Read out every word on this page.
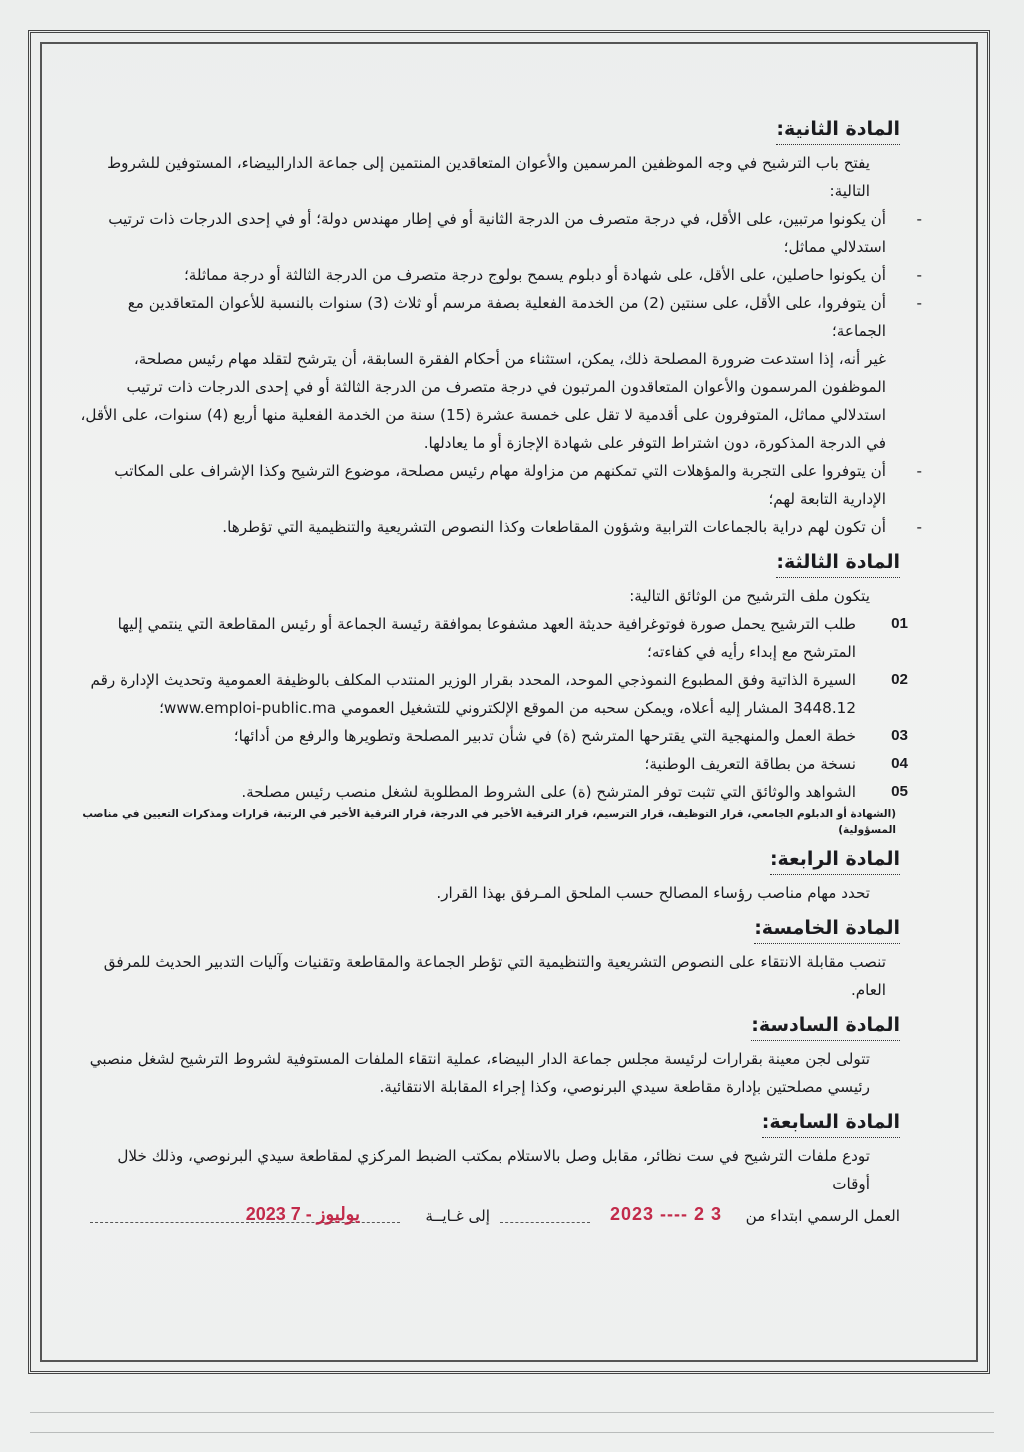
المادة الثانية:
يفتح باب الترشيح في وجه الموظفين المرسمين والأعوان المتعاقدين المنتمين إلى جماعة الدارالبيضاء، المستوفين للشروط التالية:
- أن يكونوا مرتبين، على الأقل، في درجة متصرف من الدرجة الثانية أو في إطار مهندس دولة؛ أو في إحدى الدرجات ذات ترتيب استدلالي مماثل؛
- أن يكونوا حاصلين، على الأقل، على شهادة أو دبلوم يسمح بولوج درجة متصرف من الدرجة الثالثة أو درجة مماثلة؛
- أن يتوفروا، على الأقل، على سنتين (2) من الخدمة الفعلية بصفة مرسم أو ثلاث (3) سنوات بالنسبة للأعوان المتعاقدين مع الجماعة؛
غير أنه، إذا استدعت ضرورة المصلحة ذلك، يمكن، استثناء من أحكام الفقرة السابقة، أن يترشح لتقلد مهام رئيس مصلحة، الموظفون المرسمون والأعوان المتعاقدون المرتبون في درجة متصرف من الدرجة الثالثة أو في إحدى الدرجات ذات ترتيب استدلالي مماثل، المتوفرون على أقدمية لا تقل على خمسة عشرة (15) سنة من الخدمة الفعلية منها أربع (4) سنوات، على الأقل، في الدرجة المذكورة، دون اشتراط التوفر على شهادة الإجازة أو ما يعادلها.
- أن يتوفروا على التجربة والمؤهلات التي تمكنهم من مزاولة مهام رئيس مصلحة، موضوع الترشيح وكذا الإشراف على المكاتب الإدارية التابعة لهم؛
- أن تكون لهم دراية بالجماعات الترابية وشؤون المقاطعات وكذا النصوص التشريعية والتنظيمية التي تؤطرها.
المادة الثالثة:
يتكون ملف الترشيح من الوثائق التالية:
01
طلب الترشيح يحمل صورة فوتوغرافية حديثة العهد مشفوعا بموافقة رئيسة الجماعة أو رئيس المقاطعة التي ينتمي إليها المترشح مع إبداء رأيه في كفاءته؛
02
السيرة الذاتية وفق المطبوع النموذجي الموحد، المحدد بقرار الوزير المنتدب المكلف بالوظيفة العمومية وتحديث الإدارة رقم 3448.12 المشار إليه أعلاه، ويمكن سحبه من الموقع الإلكتروني للتشغيل العمومي www.emploi-public.ma؛
03
خطة العمل والمنهجية التي يقترحها المترشح (ة) في شأن تدبير المصلحة وتطويرها والرفع من أدائها؛
04
نسخة من بطاقة التعريف الوطنية؛
05
الشواهد والوثائق التي تثبت توفر المترشح (ة) على الشروط المطلوبة لشغل منصب رئيس مصلحة.
(الشهادة أو الدبلوم الجامعي، قرار التوظيف، قرار الترسيم، قرار الترقية الأخير في الدرجة، قرار الترقية الأخير في الرتبة، قرارات ومذكرات التعيين في مناصب المسؤولية)
المادة الرابعة:
تحدد مهام مناصب رؤساء المصالح حسب الملحق المـرفق بهذا القرار.
المادة الخامسة:
تنصب مقابلة الانتقاء على النصوص التشريعية والتنظيمية التي تؤطر الجماعة والمقاطعة وتقنيات وآليات التدبير الحديث للمرفق العام.
المادة السادسة:
تتولى لجن معينة بقرارات لرئيسة مجلس جماعة الدار البيضاء، عملية انتقاء الملفات المستوفية لشروط الترشيح لشغل منصبي رئيسي مصلحتين بإدارة مقاطعة سيدي البرنوصي، وكذا إجراء المقابلة الانتقائية.
المادة السابعة:
تودع ملفات الترشيح في ست نظائر، مقابل وصل بالاستلام بمكتب الضبط المركزي لمقاطعة سيدي البرنوصي، وذلك خلال أوقات
العمل الرسمي ابتداء من
2023 ---- 2 3
إلى غـايــة
2023 يوليوز - 7
